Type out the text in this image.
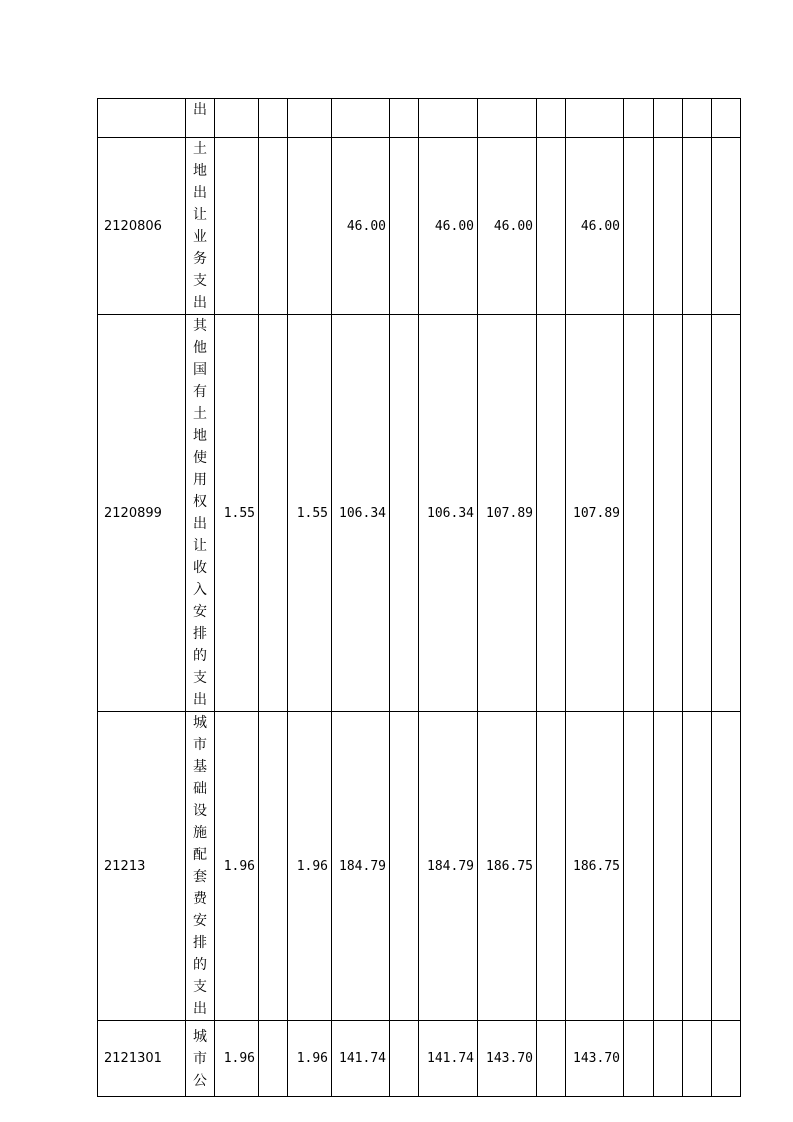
	出													
2120806	土地出让业务支出				46.00		46.00	46.00		46.00				
2120899	其他国有土地使用权出让收入安排的支出	1.55		1.55	106.34		106.34	107.89		107.89				
21213	城市基础设施配套费安排的支出	1.96		1.96	184.79		184.79	186.75		186.75				
2121301	城市公	1.96		1.96	141.74		141.74	143.70		143.70				
